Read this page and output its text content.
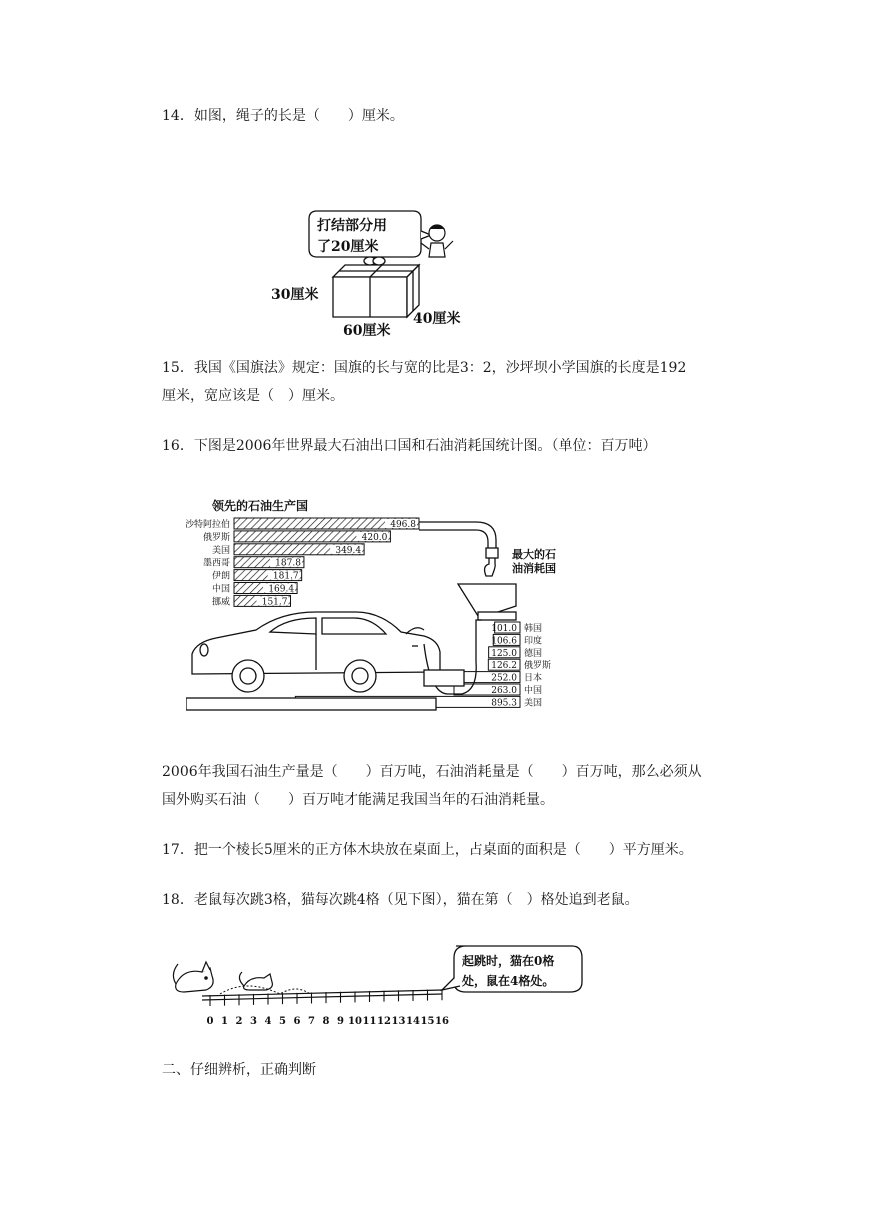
14．如图，绳子的长是（　　）厘米。
打结部分用
了20厘米
30厘米
60厘米
40厘米
15．我国《国旗法》规定：国旗的长与宽的比是3：2，沙坪坝小学国旗的长度是192
厘米，宽应该是（　）厘米。
16．下图是2006年世界最大石油出口国和石油消耗国统计图。（单位：百万吨）
领先的石油生产国
沙特阿拉伯	496.8
俄罗斯	420.0
美国	349.4
墨西哥	187.8
伊朗	181.7
中国	169.4
挪威	151.7
最大的石
油消耗国
101.0 韩国
106.6 印度
125.0 德国
126.2 俄罗斯
252.0 日本
263.0 中国
895.3 美国
2006年我国石油生产量是（　　）百万吨，石油消耗量是（　　）百万吨，那么必须从
国外购买石油（　　）百万吨才能满足我国当年的石油消耗量。
17．把一个棱长5厘米的正方体木块放在桌面上，占桌面的面积是（　　）平方厘米。
18．老鼠每次跳3格，猫每次跳4格（见下图），猫在第（　）格处追到老鼠。
起跳时，猫在0格
处，鼠在4格处。
0 1 2 3 4 5 6 7 8 9 10 11 12 13 14 15 16
二、仔细辨析，正确判断
